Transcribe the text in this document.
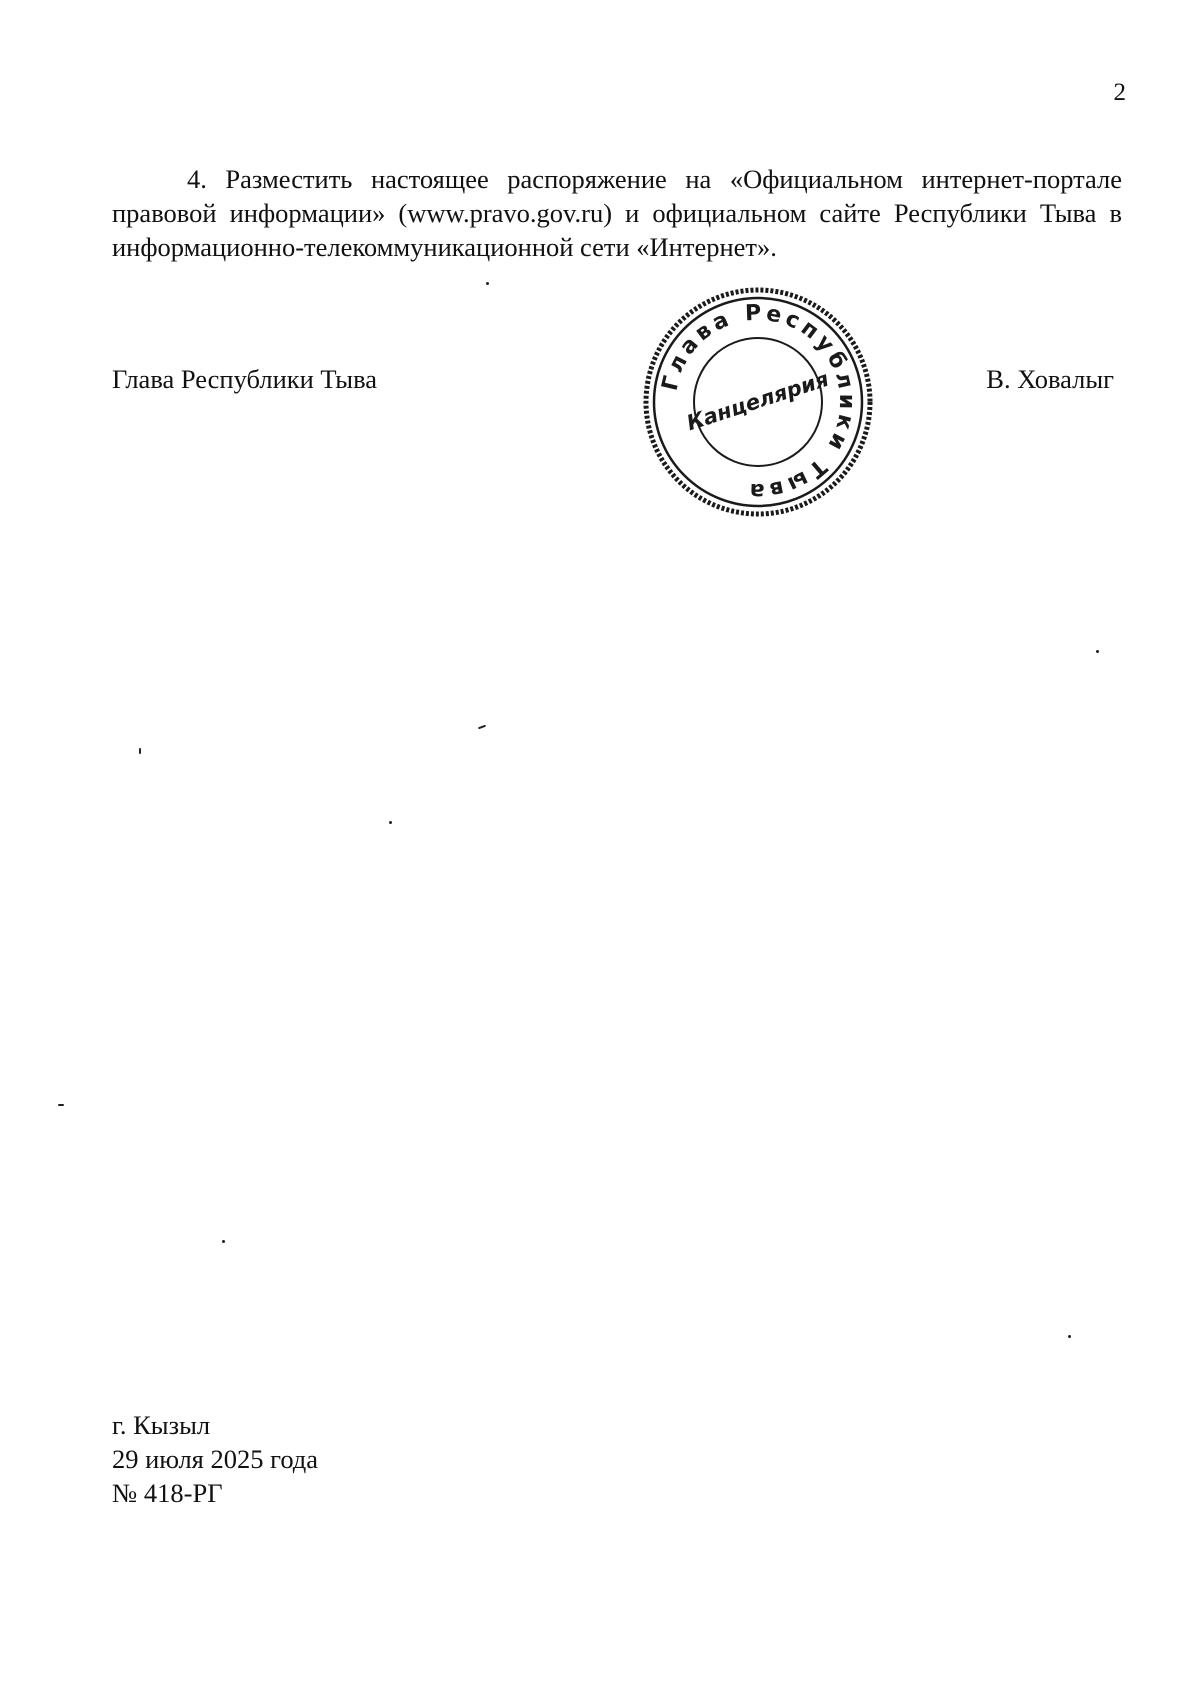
2

4. Разместить настоящее распоряжение на «Официальном интернет-портале правовой информации» (www.pravo.gov.ru) и официальном сайте Республики Тыва в информационно-телекоммуникационной сети «Интернет».

Глава Республики Тыва	Глава Республики Тыва
Канцелярия	В. Ховалыг
г. Кызыл
29 июля 2025 года
№ 418-РГ
